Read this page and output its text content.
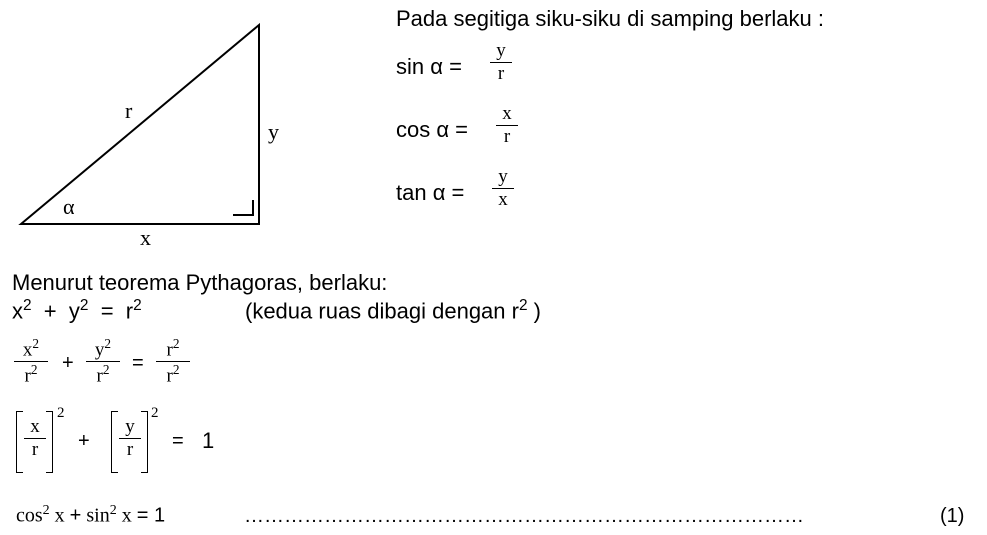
r
y
x
α
Pada segitiga siku-siku di samping berlaku :
sin α =
y
r
cos α =
x
r
tan α =
y
x
Menurut teorema Pythagoras, berlaku:
$x^2 + y^2 = r^2$	(kedua ruas dibagi dengan $r^2$ )
$x^2$
$r^2$	+
$y^2$
$r^2$	=
$r^2$
$r^2$
x
r
2
+
y
r
2
= 1
$\cos^2 x + \sin^2 x = 1$	…………………………………………………………………………	(1)
